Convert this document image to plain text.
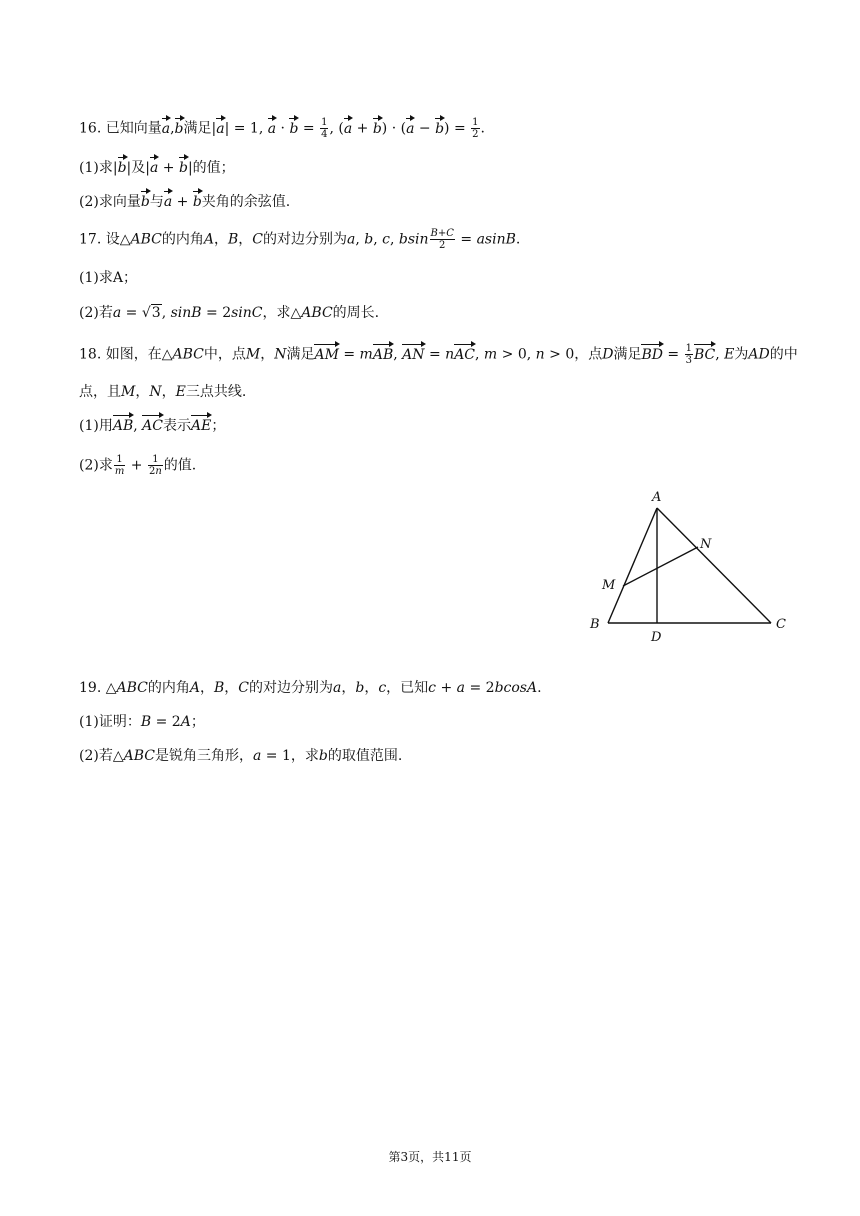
16. 已知向量a,b满足|a| = 1, $a \cdot b = \frac{1}{4}$ , $(a + b) \cdot (a - b) = \frac{1}{2}$ .
(1)求|b|及|a + b|的值；
(2)求向量b与a + b夹角的余弦值.
17. 设△ABC的内角A，B，C的对边分别为a, b, c, bsin $\frac{B+C}{2} = asinB$.
(1)求A；
(2)若a = √3, sinB = 2sinC，求△ABC的周长.
18. 如图，在△ABC中，点M，N满足AM = mAB, AN = nAC, m > 0, n > 0，点D满足BD = $\frac{1}{3}$ BC, E为AD的中
点，且M，N，E三点共线.
(1)用AB, AC表示AE；
(2)求 $\frac{1}{m} + \frac{1}{2n}$ 的值.
A
B	C
D
M
N
19. △ABC的内角A，B，C的对边分别为a，b，c，已知c + a = 2bcosA.
(1)证明：B = 2A；
(2)若△ABC是锐角三角形，a = 1，求b的取值范围.
第3页，共11页
